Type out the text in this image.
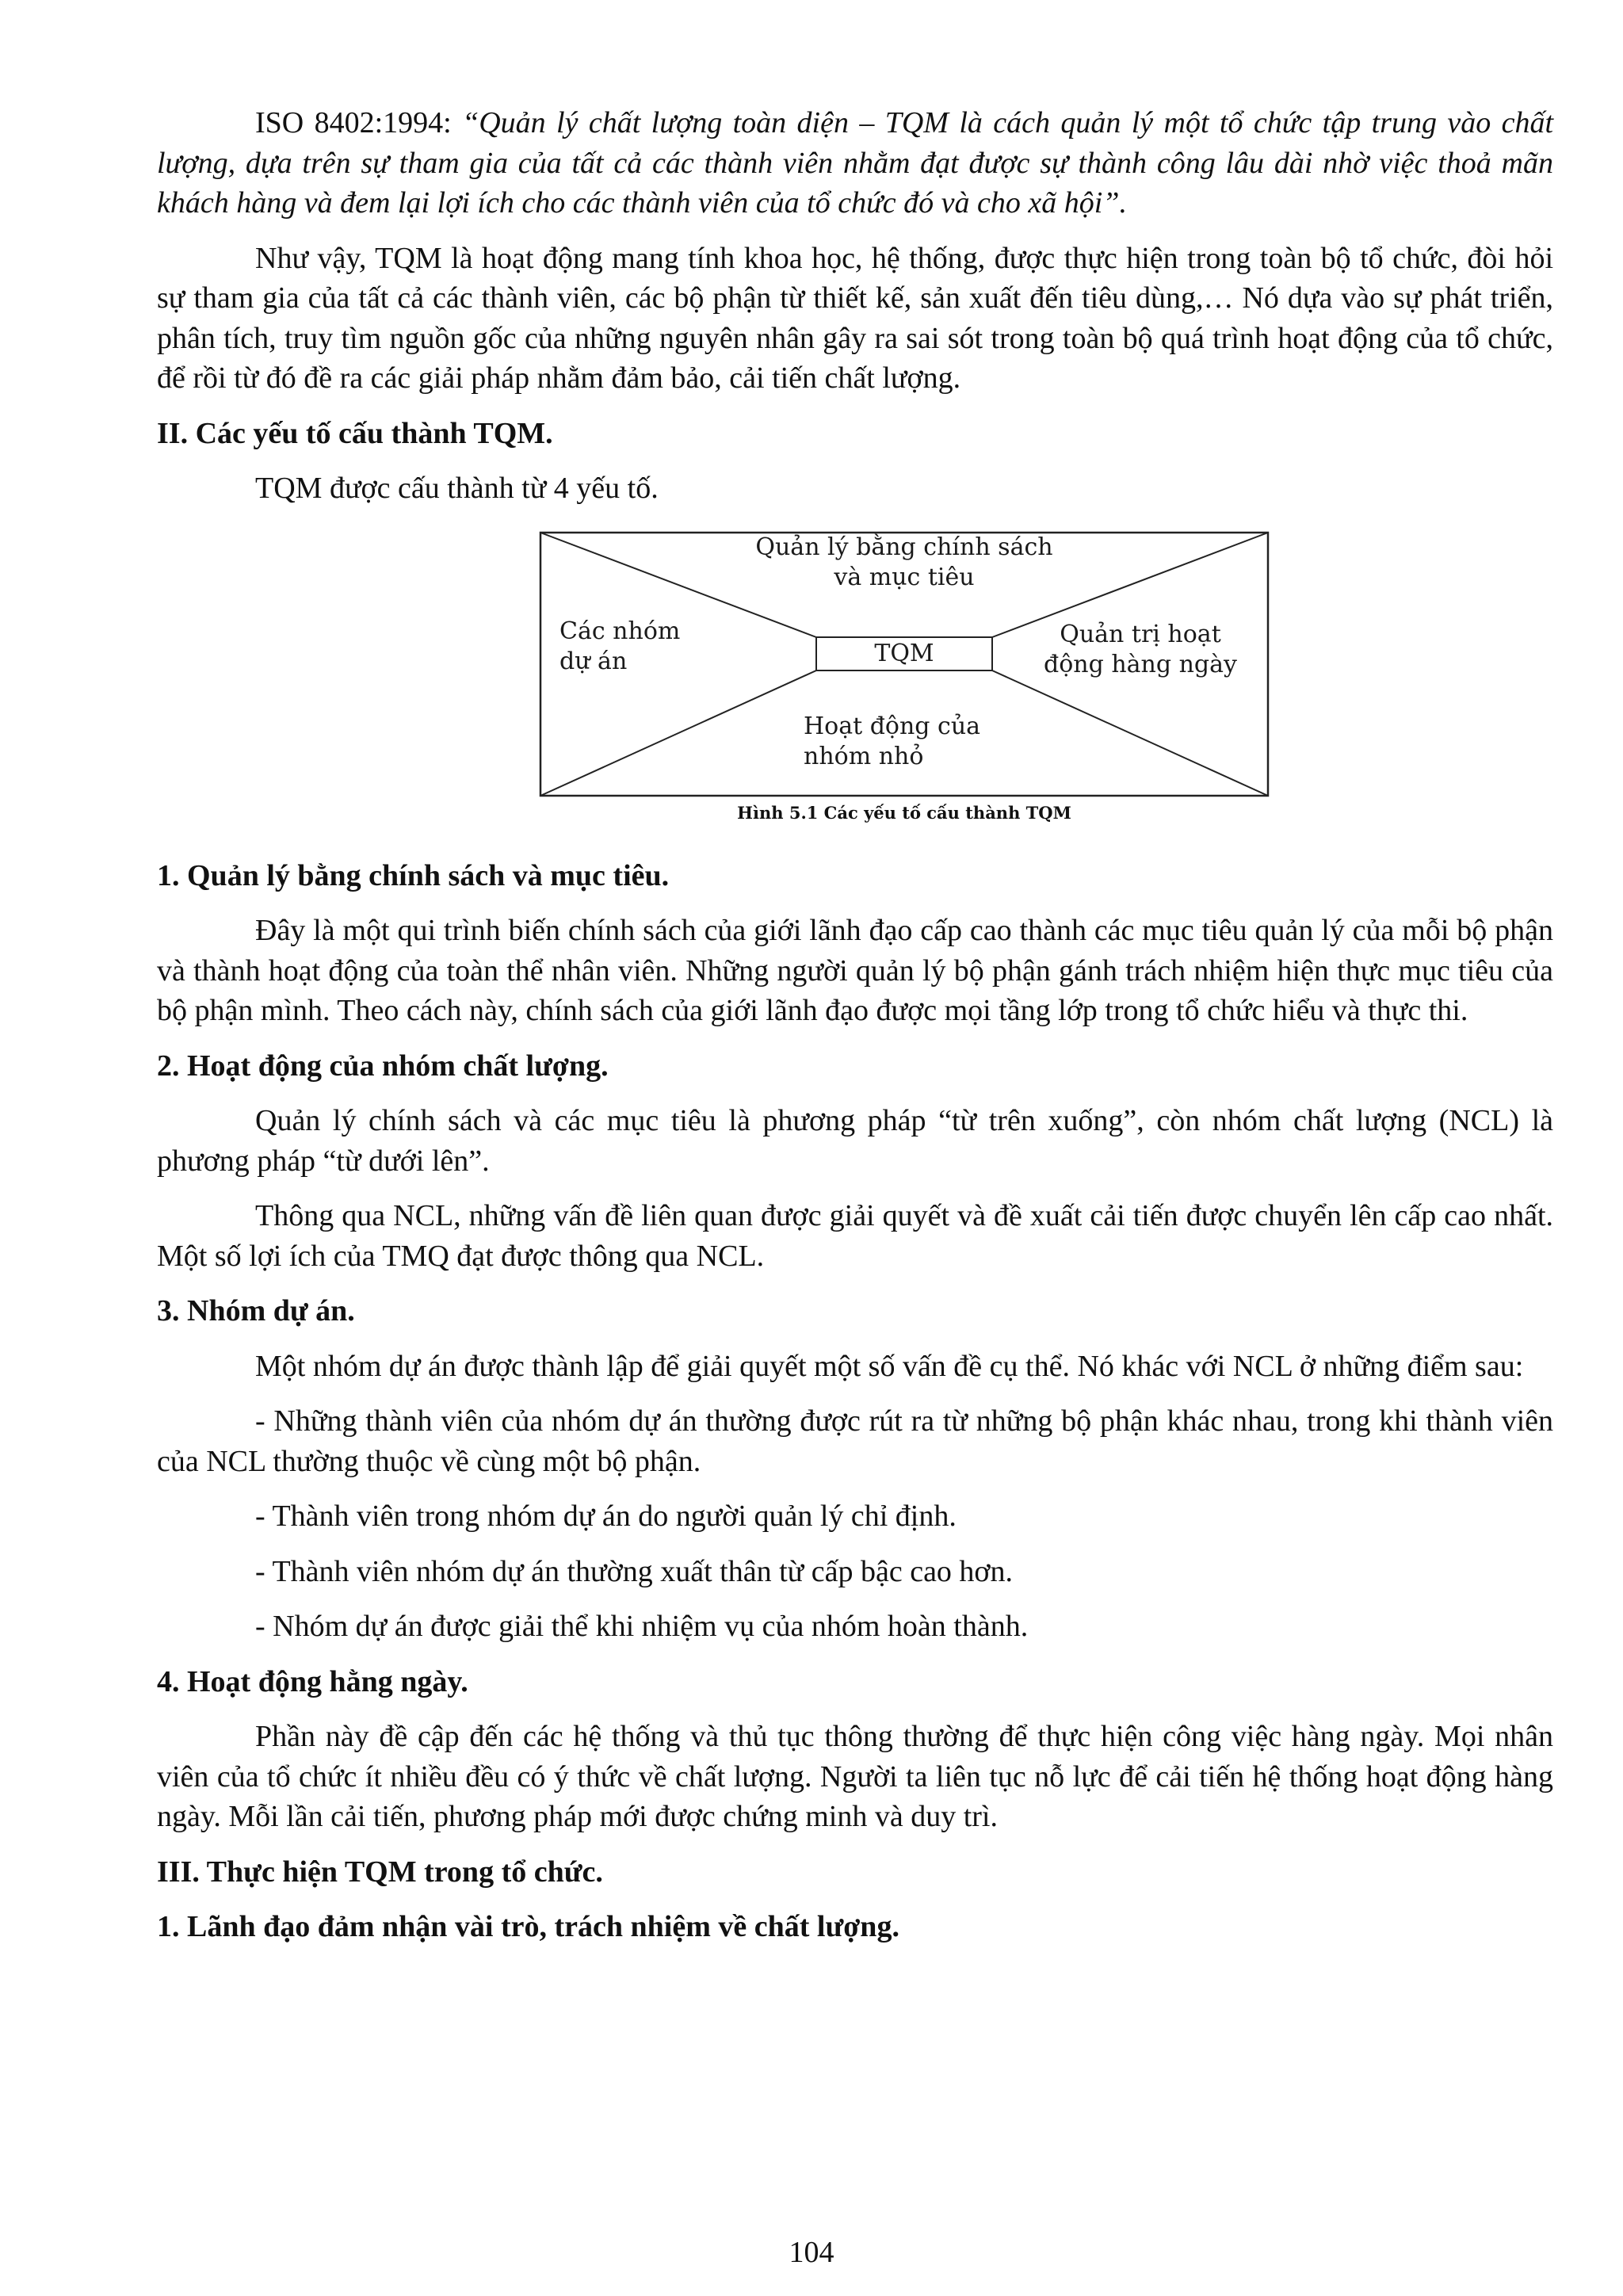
ISO 8402:1994: “Quản lý chất lượng toàn diện – TQM là cách quản lý một tổ chức tập trung vào chất lượng, dựa trên sự tham gia của tất cả các thành viên nhằm đạt được sự thành công lâu dài nhờ việc thoả mãn khách hàng và đem lại lợi ích cho các thành viên của tổ chức đó và cho xã hội”.

Như vậy, TQM là hoạt động mang tính khoa học, hệ thống, được thực hiện trong toàn bộ tổ chức, đòi hỏi sự tham gia của tất cả các thành viên, các bộ phận từ thiết kế, sản xuất đến tiêu dùng,… Nó dựa vào sự phát triển, phân tích, truy tìm nguồn gốc của những nguyên nhân gây ra sai sót trong toàn bộ quá trình hoạt động của tổ chức, để rồi từ đó đề ra các giải pháp nhằm đảm bảo, cải tiến chất lượng.

II. Các yếu tố cấu thành TQM.

TQM được cấu thành từ 4 yếu tố.

Quản lý bằng chính sách
và mục tiêu
Các nhóm
dự án	TQM
Quản trị hoạt
động hàng ngày
Hoạt động của
nhóm nhỏ
Hình 5.1 Các yếu tố cấu thành TQM

1. Quản lý bằng chính sách và mục tiêu.

Đây là một qui trình biến chính sách của giới lãnh đạo cấp cao thành các mục tiêu quản lý của mỗi bộ phận và thành hoạt động của toàn thể nhân viên. Những người quản lý bộ phận gánh trách nhiệm hiện thực mục tiêu của bộ phận mình. Theo cách này, chính sách của giới lãnh đạo được mọi tầng lớp trong tổ chức hiểu và thực thi.

2. Hoạt động của nhóm chất lượng.

Quản lý chính sách và các mục tiêu là phương pháp “từ trên xuống”, còn nhóm chất lượng (NCL) là phương pháp “từ dưới lên”.

Thông qua NCL, những vấn đề liên quan được giải quyết và đề xuất cải tiến được chuyển lên cấp cao nhất. Một số lợi ích của TMQ đạt được thông qua NCL.

3. Nhóm dự án.

Một nhóm dự án được thành lập để giải quyết một số vấn đề cụ thể. Nó khác với NCL ở những điểm sau:

- Những thành viên của nhóm dự án thường được rút ra từ những bộ phận khác nhau, trong khi thành viên của NCL thường thuộc về cùng một bộ phận.

- Thành viên trong nhóm dự án do người quản lý chỉ định.

- Thành viên nhóm dự án thường xuất thân từ cấp bậc cao hơn.

- Nhóm dự án được giải thể khi nhiệm vụ của nhóm hoàn thành.

4. Hoạt động hằng ngày.

Phần này đề cập đến các hệ thống và thủ tục thông thường để thực hiện công việc hàng ngày. Mọi nhân viên của tổ chức ít nhiều đều có ý thức về chất lượng. Người ta liên tục nỗ lực để cải tiến hệ thống hoạt động hàng ngày. Mỗi lần cải tiến, phương pháp mới được chứng minh và duy trì.

III. Thực hiện TQM trong tổ chức.

1. Lãnh đạo đảm nhận vài trò, trách nhiệm về chất lượng.

104
